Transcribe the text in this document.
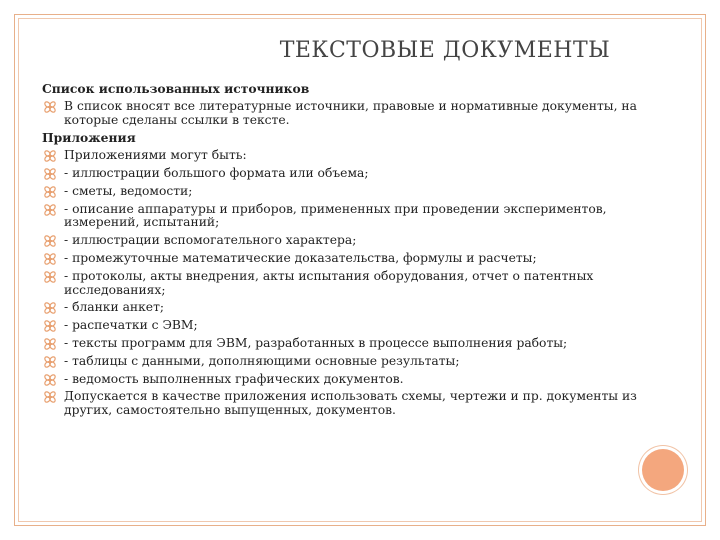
ТЕКСТОВЫЕ ДОКУМЕНТЫ
Список использованных источников
В список вносят все литературные источники, правовые и нормативные документы, на которые сделаны ссылки в тексте.
Приложения
Приложениями могут быть:
- иллюстрации большого формата или объема;
- сметы, ведомости;
- описание аппаратуры и приборов, примененных при проведении экспериментов, измерений, испытаний;
- иллюстрации вспомогательного характера;
- промежуточные математические доказательства, формулы и расчеты;
- протоколы, акты внедрения, акты испытания оборудования, отчет о патентных исследованиях;
- бланки анкет;
- распечатки с ЭВМ;
- тексты программ для ЭВМ, разработанных в процессе выполнения работы;
- таблицы с данными, дополняющими основные результаты;
- ведомость выполненных графических документов.
Допускается в качестве приложения использовать схемы, чертежи и пр. документы из других, самостоятельно выпущенных, документов.
